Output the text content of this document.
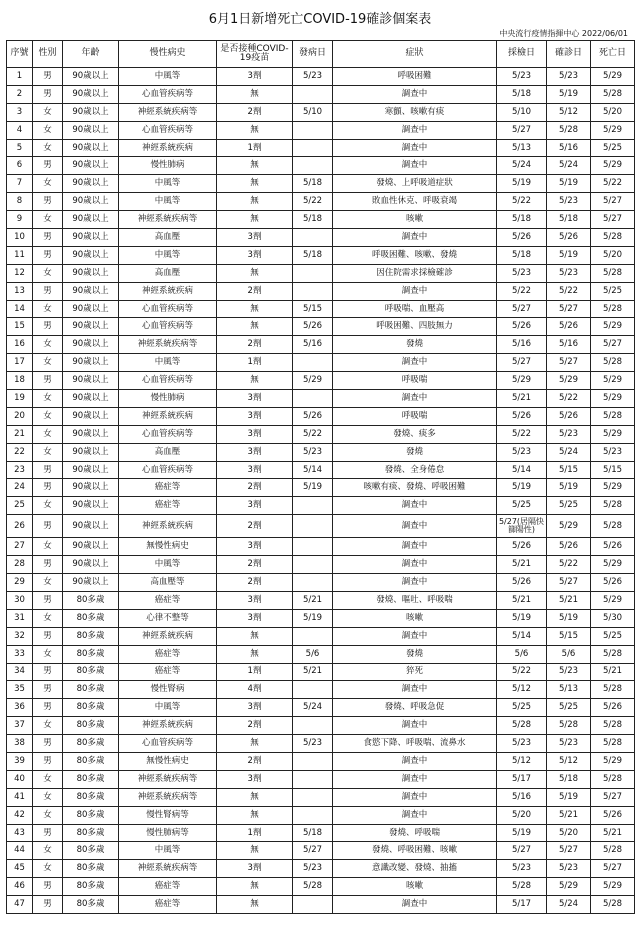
6月1日新增死亡COVID-19確診個案表
中央流行疫情指揮中心 2022/06/01
序號	性別	年齡	慢性病史	是否接種COVID-19疫苗	發病日	症狀	採檢日	確診日	死亡日
1	男	90歲以上	中風等	3劑	5/23	呼吸困難	5/23	5/23	5/29
2	男	90歲以上	心血管疾病等	無		調查中	5/18	5/19	5/28
3	女	90歲以上	神經系統疾病等	2劑	5/10	寒顫、咳嗽有痰	5/10	5/12	5/20
4	女	90歲以上	心血管疾病等	無		調查中	5/27	5/28	5/29
5	女	90歲以上	神經系統疾病	1劑		調查中	5/13	5/16	5/25
6	男	90歲以上	慢性肺病	無		調查中	5/24	5/24	5/29
7	女	90歲以上	中風等	無	5/18	發燒、上呼吸道症狀	5/19	5/19	5/22
8	男	90歲以上	中風等	無	5/22	敗血性休克、呼吸衰竭	5/22	5/23	5/27
9	女	90歲以上	神經系統疾病等	無	5/18	咳嗽	5/18	5/18	5/27
10	男	90歲以上	高血壓	3劑		調查中	5/26	5/26	5/28
11	男	90歲以上	中風等	3劑	5/18	呼吸困難、咳嗽、發燒	5/18	5/19	5/20
12	女	90歲以上	高血壓	無		因住院需求採檢確診	5/23	5/23	5/28
13	男	90歲以上	神經系統疾病	2劑		調查中	5/22	5/22	5/25
14	女	90歲以上	心血管疾病等	無	5/15	呼吸喘、血壓高	5/27	5/27	5/28
15	男	90歲以上	心血管疾病等	無	5/26	呼吸困難、四肢無力	5/26	5/26	5/29
16	女	90歲以上	神經系統疾病等	2劑	5/16	發燒	5/16	5/16	5/27
17	女	90歲以上	中風等	1劑		調查中	5/27	5/27	5/28
18	男	90歲以上	心血管疾病等	無	5/29	呼吸喘	5/29	5/29	5/29
19	女	90歲以上	慢性肺病	3劑		調查中	5/21	5/22	5/29
20	女	90歲以上	神經系統疾病	3劑	5/26	呼吸喘	5/26	5/26	5/28
21	女	90歲以上	心血管疾病等	3劑	5/22	發燒、痰多	5/22	5/23	5/29
22	女	90歲以上	高血壓	3劑	5/23	發燒	5/23	5/24	5/23
23	男	90歲以上	心血管疾病等	3劑	5/14	發燒、全身倦怠	5/14	5/15	5/15
24	男	90歲以上	癌症等	2劑	5/19	咳嗽有痰、發燒、呼吸困難	5/19	5/19	5/29
25	女	90歲以上	癌症等	3劑		調查中	5/25	5/25	5/28
26	男	90歲以上	神經系統疾病	2劑		調查中	5/27(居隔快篩陽性)	5/29	5/28
27	女	90歲以上	無慢性病史	3劑		調查中	5/26	5/26	5/26
28	男	90歲以上	中風等	2劑		調查中	5/21	5/22	5/29
29	女	90歲以上	高血壓等	2劑		調查中	5/26	5/27	5/26
30	男	80多歲	癌症等	3劑	5/21	發燒、嘔吐、呼吸喘	5/21	5/21	5/29
31	女	80多歲	心律不整等	3劑	5/19	咳嗽	5/19	5/19	5/30
32	男	80多歲	神經系統疾病	無		調查中	5/14	5/15	5/25
33	女	80多歲	癌症等	無	5/6	發燒	5/6	5/6	5/28
34	男	80多歲	癌症等	1劑	5/21	猝死	5/22	5/23	5/21
35	男	80多歲	慢性腎病	4劑		調查中	5/12	5/13	5/28
36	男	80多歲	中風等	3劑	5/24	發燒、呼吸急促	5/25	5/25	5/26
37	女	80多歲	神經系統疾病	2劑		調查中	5/28	5/28	5/28
38	男	80多歲	心血管疾病等	無	5/23	食慾下降、呼吸喘、流鼻水	5/23	5/23	5/28
39	男	80多歲	無慢性病史	2劑		調查中	5/12	5/12	5/29
40	女	80多歲	神經系統疾病等	3劑		調查中	5/17	5/18	5/28
41	女	80多歲	神經系統疾病等	無		調查中	5/16	5/19	5/27
42	女	80多歲	慢性腎病等	無		調查中	5/20	5/21	5/26
43	男	80多歲	慢性肺病等	1劑	5/18	發燒、呼吸喘	5/19	5/20	5/21
44	女	80多歲	中風等	無	5/27	發燒、呼吸困難、咳嗽	5/27	5/27	5/28
45	女	80多歲	神經系統疾病等	3劑	5/23	意識改變、發燒、抽搐	5/23	5/23	5/27
46	男	80多歲	癌症等	無	5/28	咳嗽	5/28	5/29	5/29
47	男	80多歲	癌症等	無		調查中	5/17	5/24	5/28
